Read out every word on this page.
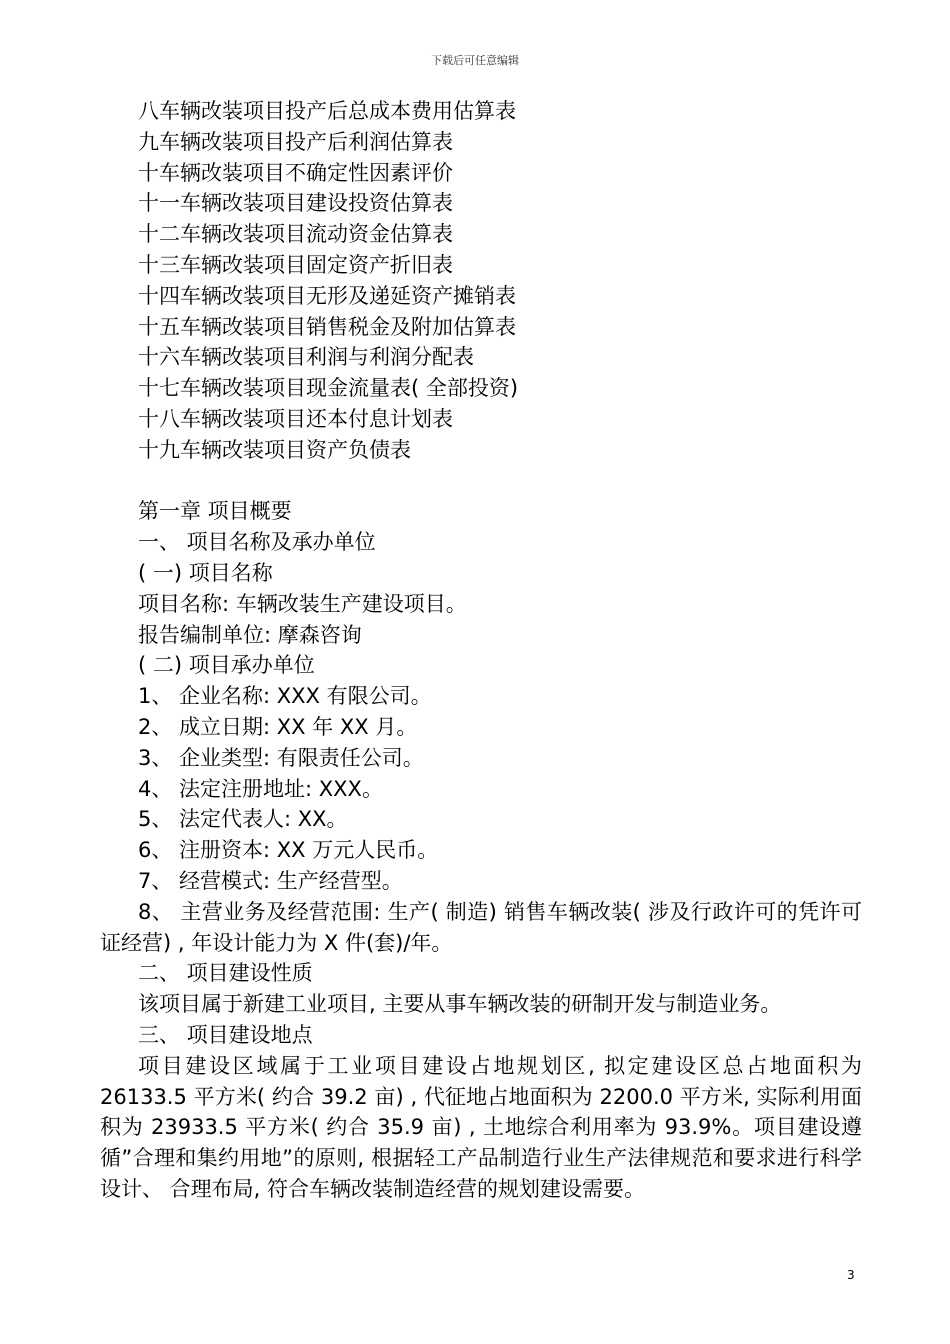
下载后可任意编辑
八车辆改装项目投产后总成本费用估算表
九车辆改装项目投产后利润估算表
十车辆改装项目不确定性因素评价
十一车辆改装项目建设投资估算表
十二车辆改装项目流动资金估算表
十三车辆改装项目固定资产折旧表
十四车辆改装项目无形及递延资产摊销表
十五车辆改装项目销售税金及附加估算表
十六车辆改装项目利润与利润分配表
十七车辆改装项目现金流量表( 全部投资)
十八车辆改装项目还本付息计划表
十九车辆改装项目资产负债表
第一章 项目概要
一、 项目名称及承办单位
( 一) 项目名称
项目名称: 车辆改装生产建设项目。
报告编制单位: 摩森咨询
( 二) 项目承办单位
1、 企业名称: XXX 有限公司。
2、 成立日期: XX 年 XX 月。
3、 企业类型: 有限责任公司。
4、 法定注册地址: XXX。
5、 法定代表人: XX。
6、 注册资本: XX 万元人民币。
7、 经营模式: 生产经营型。
8、 主营业务及经营范围: 生产( 制造) 销售车辆改装( 涉及行政许可的凭许可证经营) , 年设计能力为 X 件(套)/年。
二、 项目建设性质
该项目属于新建工业项目, 主要从事车辆改装的研制开发与制造业务。
三、 项目建设地点
项目建设区域属于工业项目建设占地规划区, 拟定建设区总占地面积为 26133.5 平方米( 约合 39.2 亩) , 代征地占地面积为 2200.0 平方米, 实际利用面积为 23933.5 平方米( 约合 35.9 亩) , 土地综合利用率为 93.9%。项目建设遵循”合理和集约用地”的原则, 根据轻工产品制造行业生产法律规范和要求进行科学设计、 合理布局, 符合车辆改装制造经营的规划建设需要。
3
